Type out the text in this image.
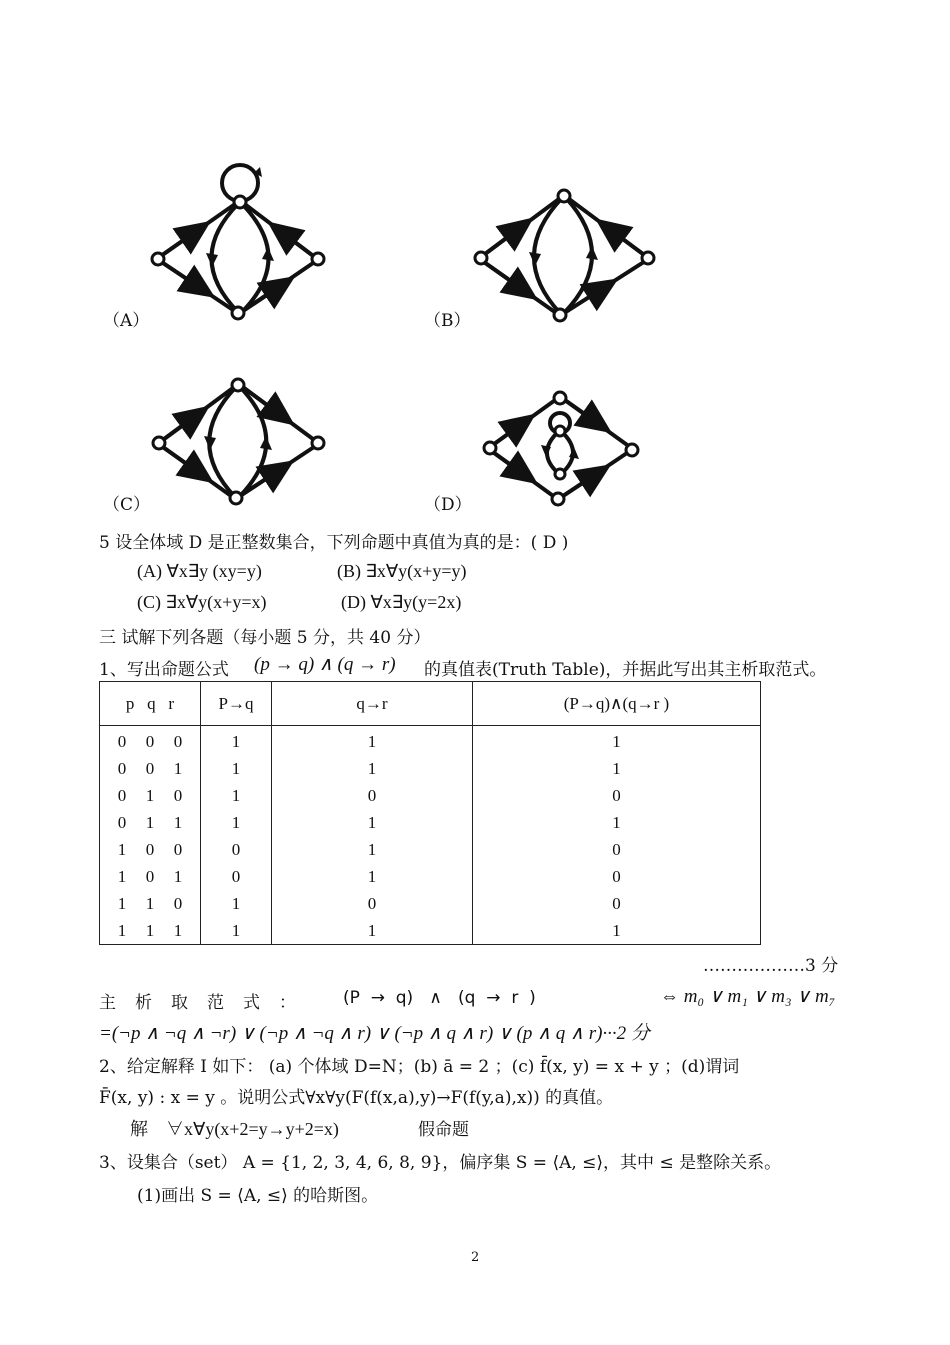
（A）	（B）
（C）	（D）
5 设全体域 D 是正整数集合，下列命题中真值为真的是：( D )
(A) ∀x∃y (xy=y)	(B) ∃x∀y(x+y=y)
(C) ∃x∀y(x+y=x)	(D) ∀x∃y(y=2x)
三 试解下列各题（每小题 5 分，共 40 分）
1、写出命题公式 (p → q) ∧ (q → r) 的真值表(Truth Table)，并据此写出其主析取范式。
p   q   r	P→q	q→r	(P→q)∧(q→r )
0 0 0	1	1	1
0 0 1	1	1	1
0 1 0	1	0	0
0 1 1	1	1	1
1 0 0	0	1	0
1 0 1	0	1	0
1 1 0	1	0	0
1 1 1	1	1	1
………………3 分
主　析　取　范　式　：	(P  →  q)   ∧   (q  →  r  )	⇔ m₀ ∨ m₁ ∨ m₃ ∨ m₇
=(¬p ∧ ¬q ∧ ¬r) ∨ (¬p ∧ ¬q ∧ r) ∨ (¬p ∧ q ∧ r) ∨ (p ∧ q ∧ r)···2 分
2、给定解释 I 如下： (a) 个体域 D=N；(b) ā = 2 ；(c) f̄(x, y) = x + y ；(d)谓词
F̄(x, y) : x = y 。说明公式∀x∀y(F(f(x,a),y)→F(f(y,a),x)) 的真值。
解    ∀x∀y(x+2=y→y+2=x)	假命题
3、设集合（set） A = {1, 2, 3, 4, 6, 8, 9}，偏序集 S = ⟨A, ≤⟩，其中 ≤ 是整除关系。
(1)画出 S = ⟨A, ≤⟩ 的哈斯图。
2
